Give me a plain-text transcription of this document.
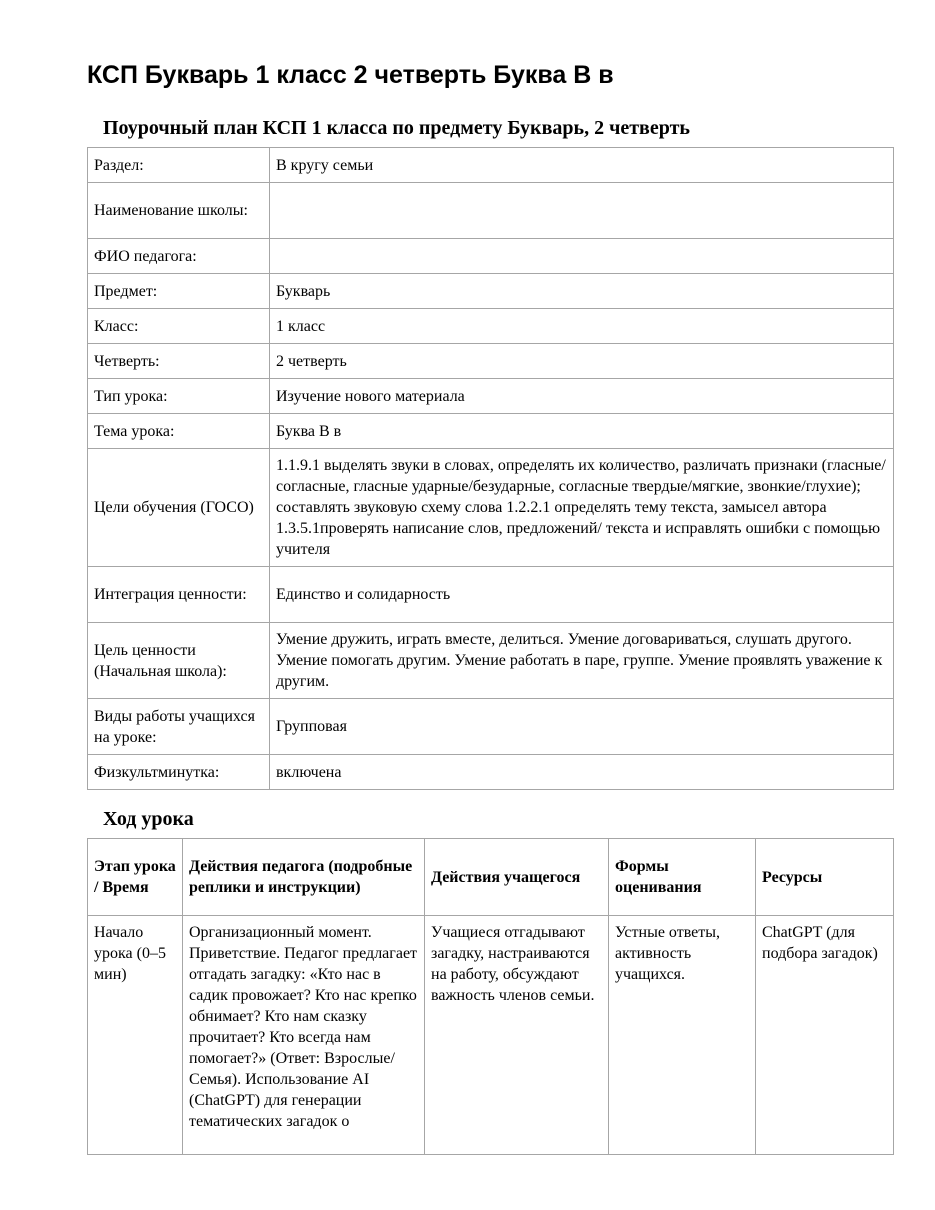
КСП Букварь 1 класс 2 четверть Буква В в
Поурочный план КСП 1 класса по предмету Букварь, 2 четверть
Раздел:	В кругу семьи
Наименование школы:	
ФИО педагога:	
Предмет:	Букварь
Класс:	1 класс
Четверть:	2 четверть
Тип урока:	Изучение нового материала
Тема урока:	Буква В в
Цели обучения (ГОСО)	1.1.9.1 выделять звуки в словах, определять их количество, различать признаки (гласные/ согласные, гласные ударные/безударные, согласные твердые/мягкие, звонкие/глухие); составлять звуковую схему слова 1.2.2.1 определять тему текста, замысел автора 1.3.5.1проверять написание слов, предложений/ текста и исправлять ошибки с помощью учителя
Интеграция ценности:	Единство и солидарность
Цель ценности (Начальная школа):	Умение дружить, играть вместе, делиться. Умение договариваться, слушать другого. Умение помогать другим. Умение работать в паре, группе. Умение проявлять уважение к другим.
Виды работы учащихся на уроке:	Групповая
Физкультминутка:	включена
Ход урока
Этап урока / Время	Действия педагога (подробные реплики и инструкции)	Действия учащегося	Формы оценивания	Ресурсы

Начало урока (0–5 мин)	Организационный момент. Приветствие. Педагог предлагает отгадать загадку: «Кто нас в садик провожает? Кто нас крепко обнимает? Кто нам сказку прочитает? Кто всегда нам помогает?» (Ответ: Взрослые/Семья). Использование AI (ChatGPT) для генерации тематических загадок о	Учащиеся отгадывают загадку, настраиваются на работу, обсуждают важность членов семьи.	Устные ответы, активность учащихся.	ChatGPT (для подбора загадок)
